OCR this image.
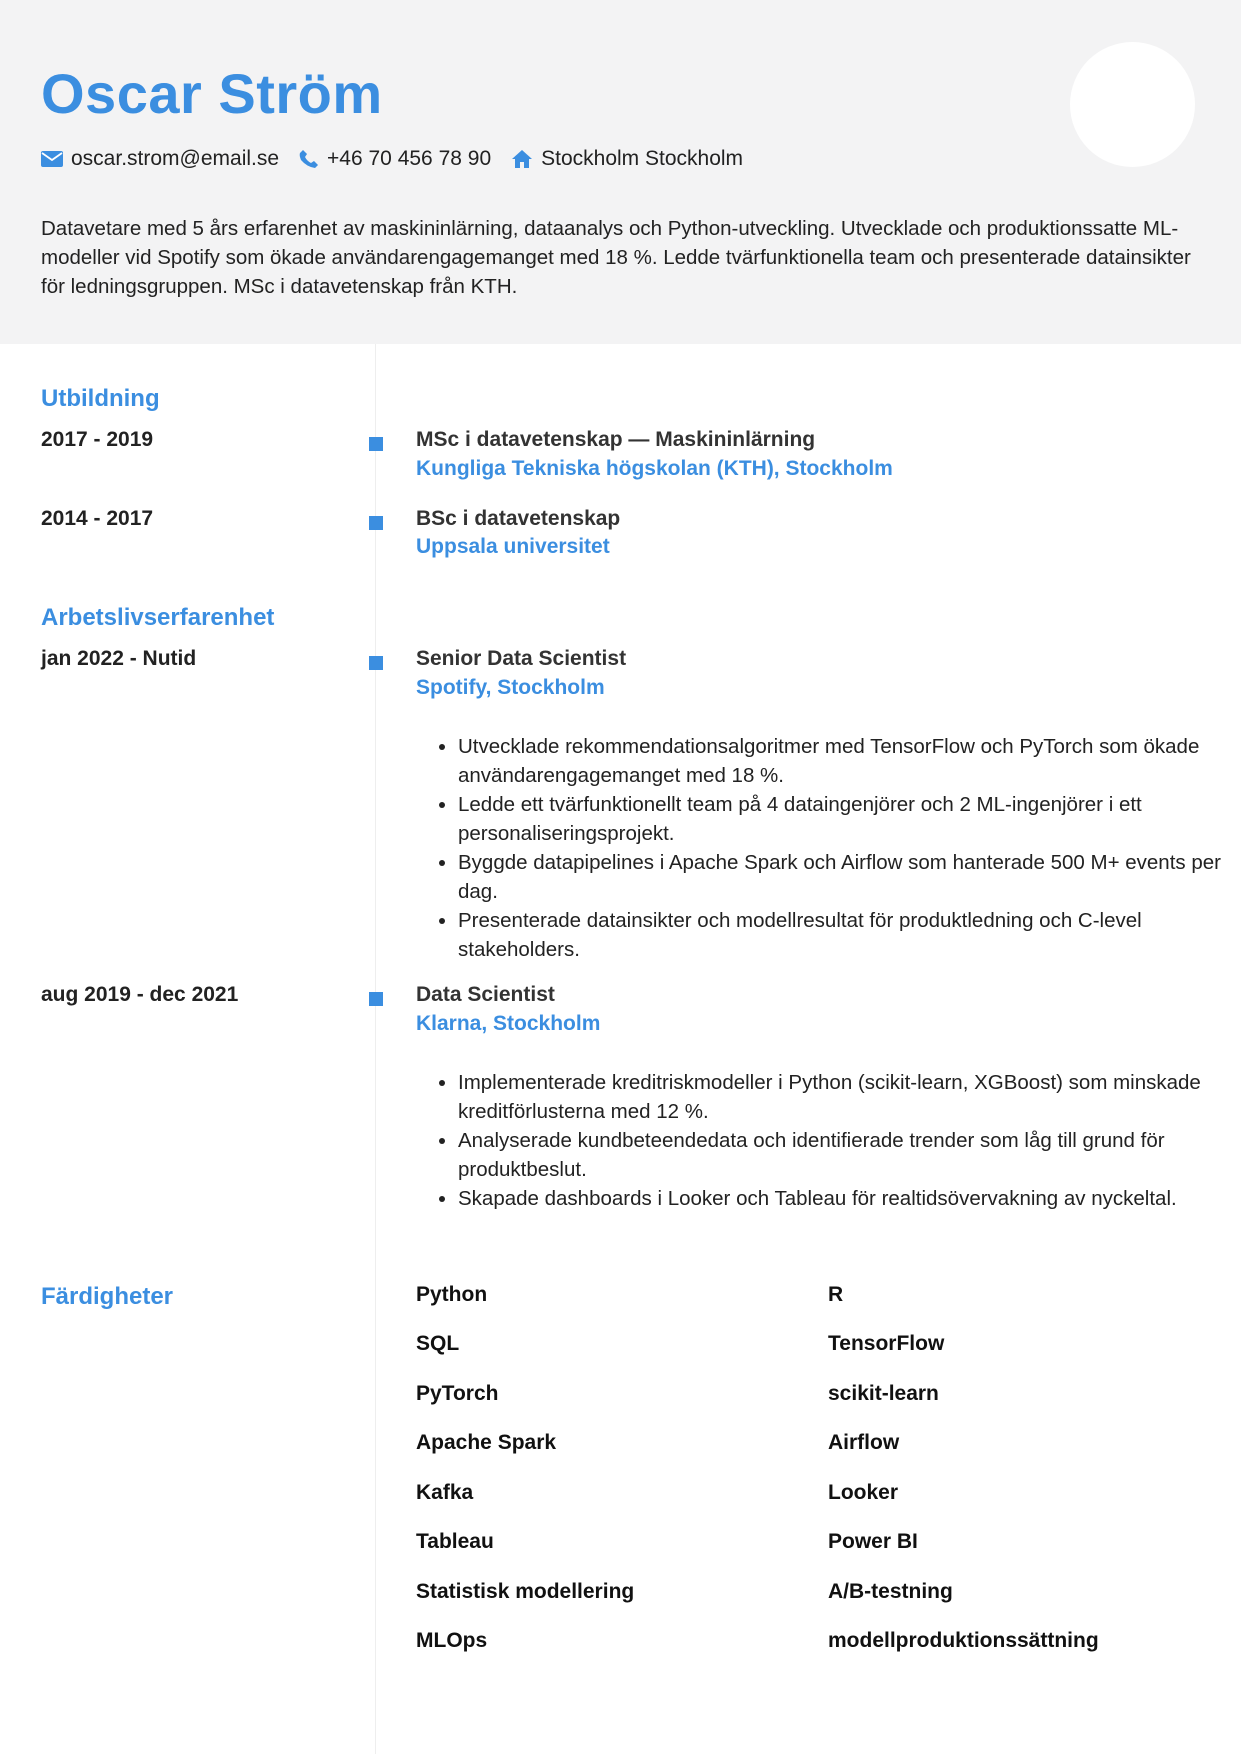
Oscar Ström
oscar.strom@email.se +46 70 456 78 90 Stockholm Stockholm

Datavetare med 5 års erfarenhet av maskininlärning, dataanalys och Python-utveckling. Utvecklade och produktionssatte ML-modeller vid Spotify som ökade användarengagemanget med 18 %. Ledde tvärfunktionella team och presenterade datainsikter för ledningsgruppen. MSc i datavetenskap från KTH.

Utbildning
2017 - 2019	MSc i datavetenskap — Maskininlärning
Kungliga Tekniska högskolan (KTH), Stockholm
2014 - 2017	BSc i datavetenskap
Uppsala universitet
Arbetslivserfarenhet
jan 2022 - Nutid	Senior Data Scientist
Spotify, Stockholm
• Utvecklade rekommendationsalgoritmer med TensorFlow och PyTorch som ökade användarengagemanget med 18 %.
• Ledde ett tvärfunktionellt team på 4 dataingenjörer och 2 ML-ingenjörer i ett personaliseringsprojekt.
• Byggde datapipelines i Apache Spark och Airflow som hanterade 500 M+ events per dag.
• Presenterade datainsikter och modellresultat för produktledning och C-level stakeholders.
aug 2019 - dec 2021	Data Scientist
Klarna, Stockholm
• Implementerade kreditriskmodeller i Python (scikit-learn, XGBoost) som minskade kreditförlusterna med 12 %.
• Analyserade kundbeteendedata och identifierade trender som låg till grund för produktbeslut.
• Skapade dashboards i Looker och Tableau för realtidsövervakning av nyckeltal.
Färdigheter	Python	R
SQL	TensorFlow
PyTorch	scikit-learn
Apache Spark	Airflow
Kafka	Looker
Tableau	Power BI
Statistisk modellering	A/B-testning
MLOps	modellproduktionssättning
